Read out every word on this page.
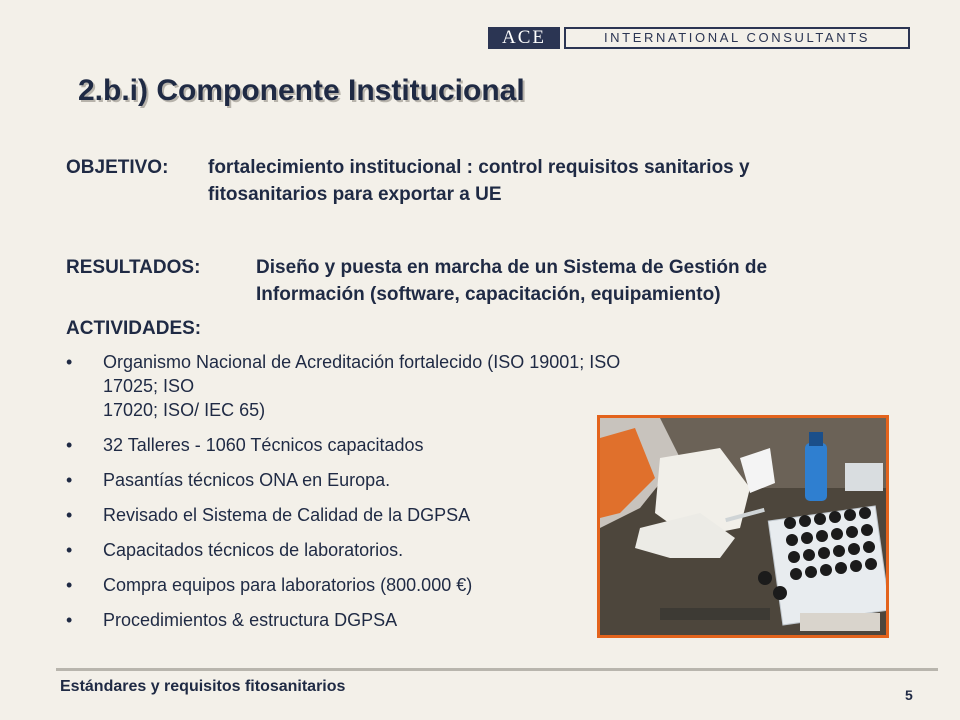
ACE	INTERNATIONAL CONSULTANTS
2.b.i) Componente Institucional
OBJETIVO: fortalecimiento institucional : control requisitos sanitarios y
fitosanitarios para exportar a UE
RESULTADOS:	Diseño y puesta en marcha de un Sistema de Gestión de
Información (software, capacitación, equipamiento)
ACTIVIDADES:
• Organismo Nacional de Acreditación fortalecido (ISO 19001; ISO 17025; ISO
17020; ISO/ IEC 65)
• 32 Talleres - 1060 Técnicos capacitados
• Pasantías técnicos ONA en Europa.
• Revisado el Sistema de Calidad de la DGPSA
• Capacitados técnicos de laboratorios.
• Compra equipos para laboratorios (800.000 €)
• Procedimientos & estructura DGPSA
Estándares y requisitos fitosanitarios	5
